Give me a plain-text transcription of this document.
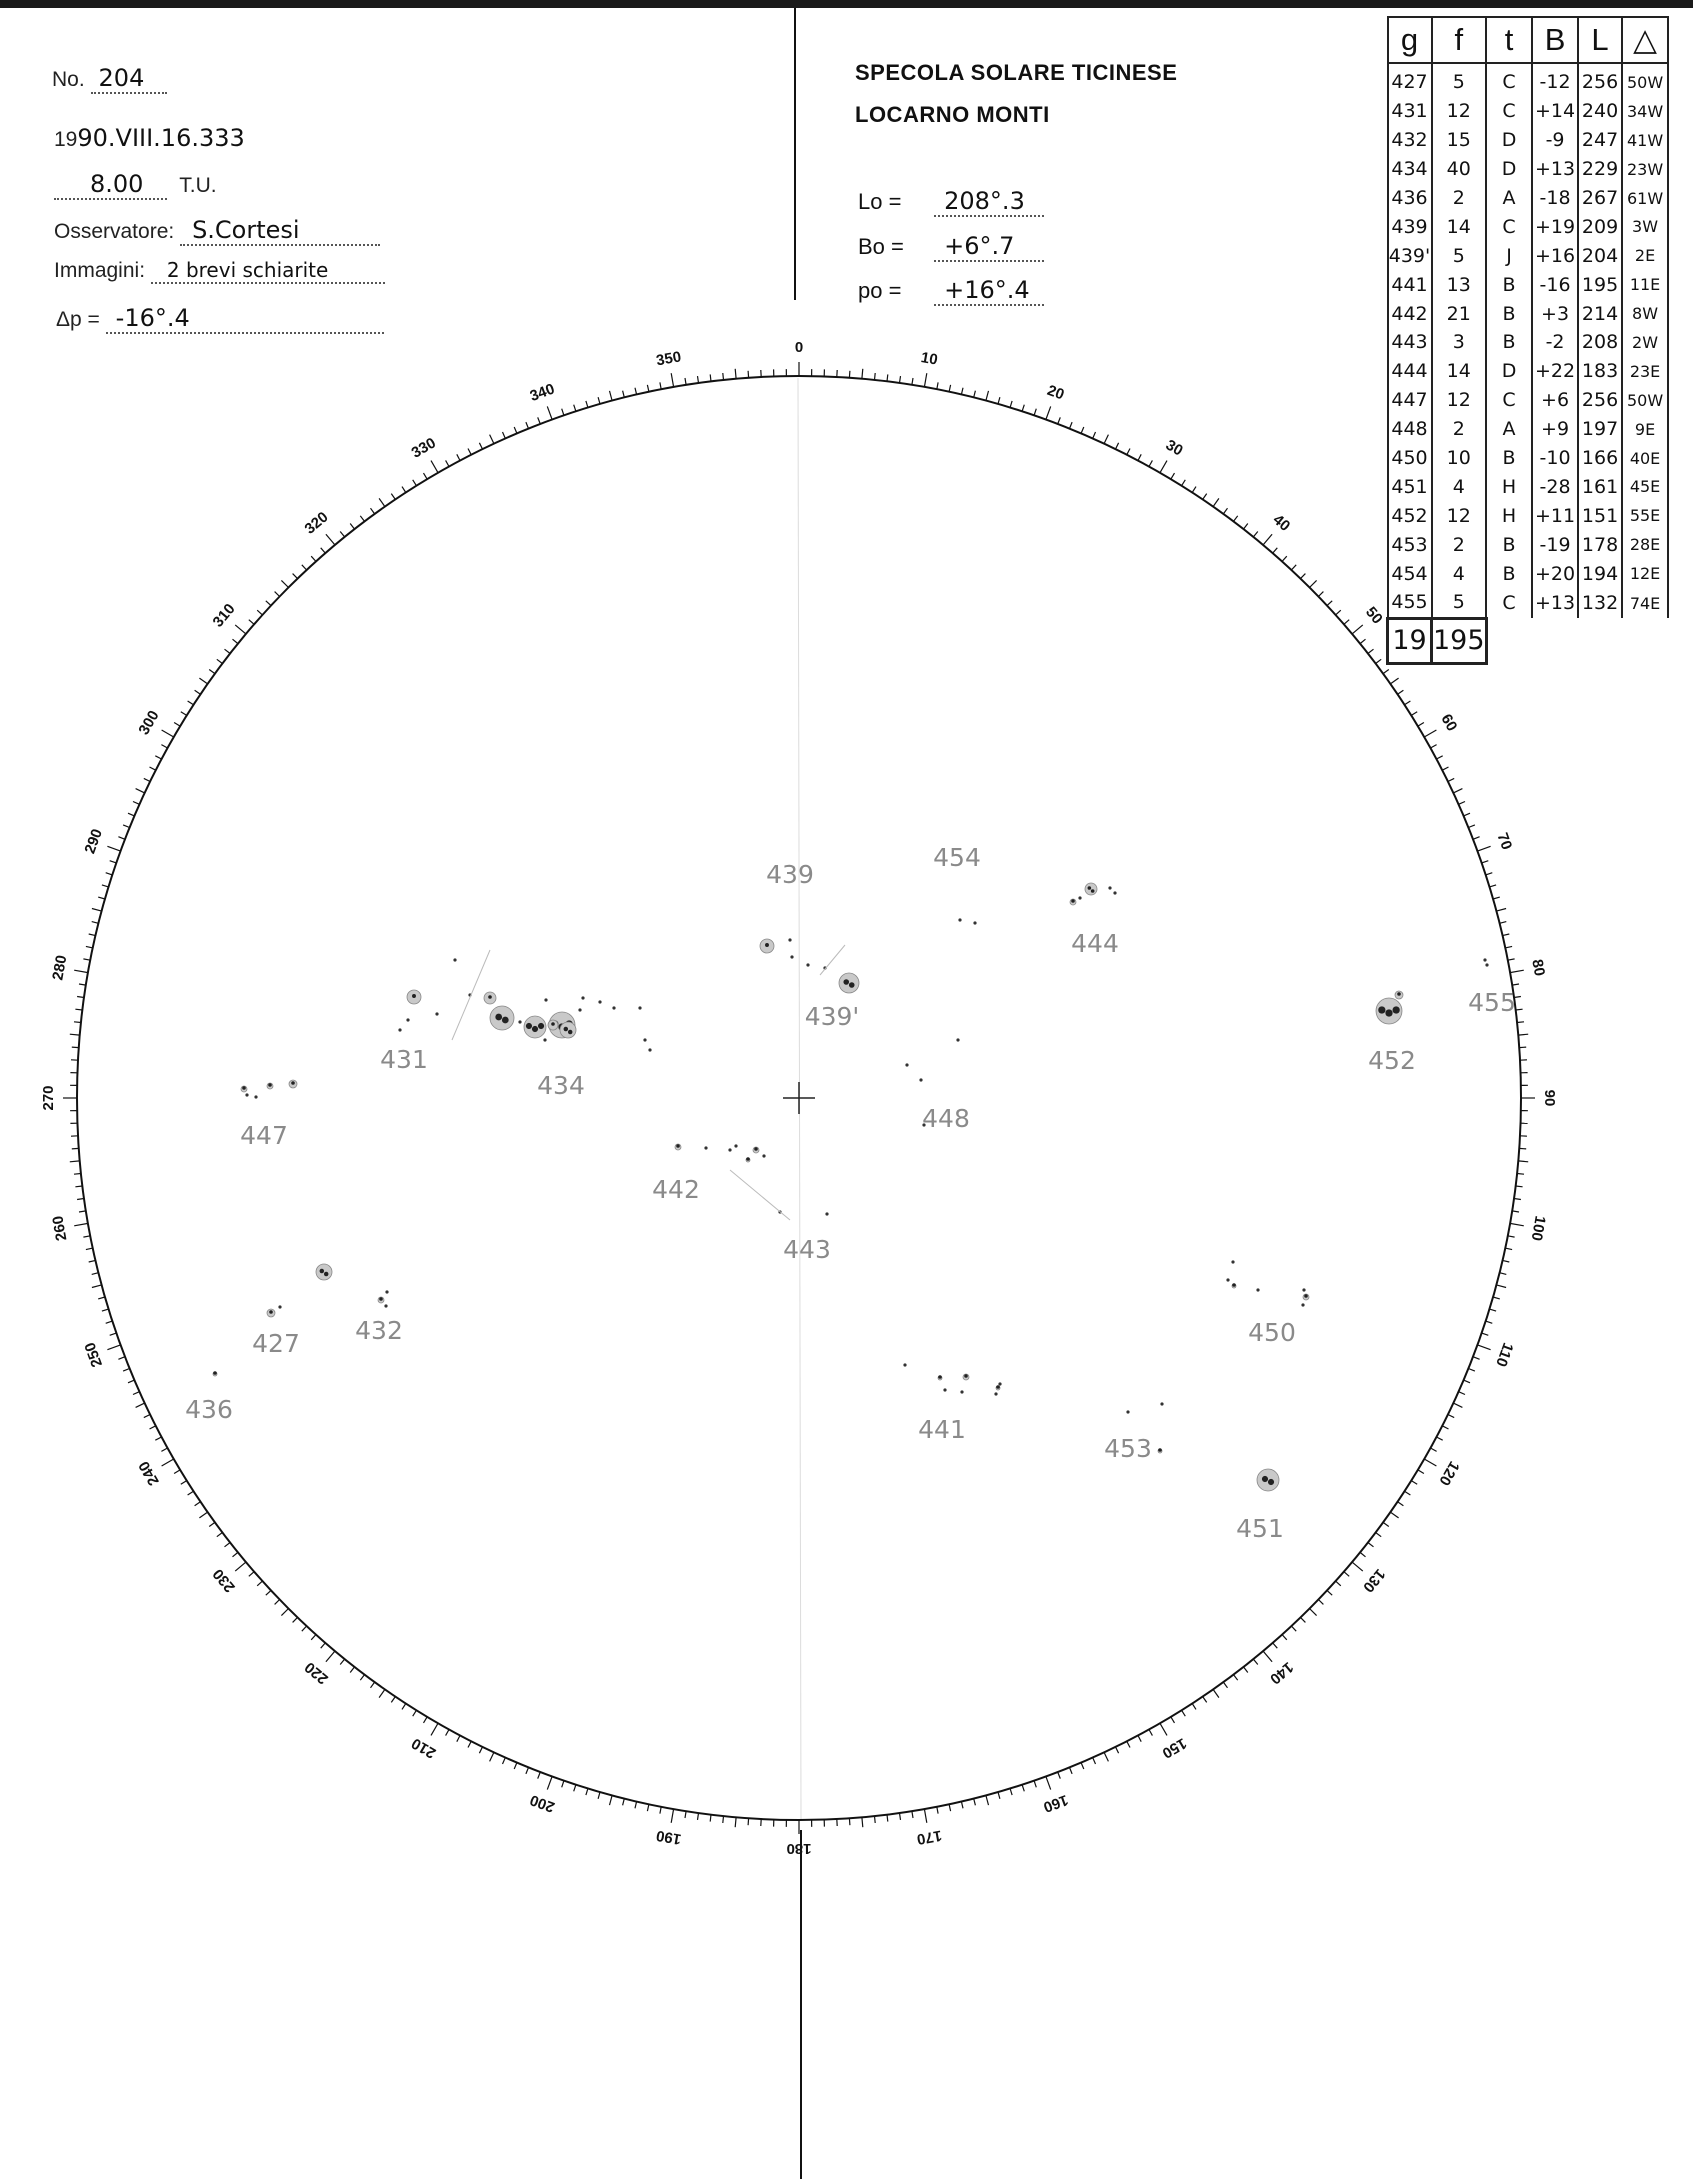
No. 204
1990.VIII.16.333
8.00 T.U.
Osservatore: S.Cortesi
Immagini: 2 brevi schiarite
Δp = -16°.4
SPECOLA SOLARE TICINESE
LOCARNO MONTI
Lo = 208°.3
Bo = +6°.7
po = +16°.4
g	f	t	B	L	△
427	5	C	-12	256	50W
431	12	C	+14	240	34W
432	15	D	-9	247	41W
434	40	D	+13	229	23W
436	2	A	-18	267	61W
439	14	C	+19	209	3W
439'	5	J	+16	204	2E
441	13	B	-16	195	11E
442	21	B	+3	214	8W
443	3	B	-2	208	2W
444	14	D	+22	183	23E
447	12	C	+6	256	50W
448	2	A	+9	197	9E
450	10	B	-10	166	40E
451	4	H	-28	161	45E
452	12	H	+11	151	55E
453	2	B	-19	178	28E
454	4	B	+20	194	12E
455	5	C	+13	132	74E
19	195				
0
10
20
30
40
50
60
70
80
90
100
110
120
130
140
150
160
170
180
190
200
210
220
230
240
250
260
270
280
290
300
310
320
330
340
350
427
431
432
434
436
439
439'
441
442
443
444
447
448
450
451
452
453
454
455
